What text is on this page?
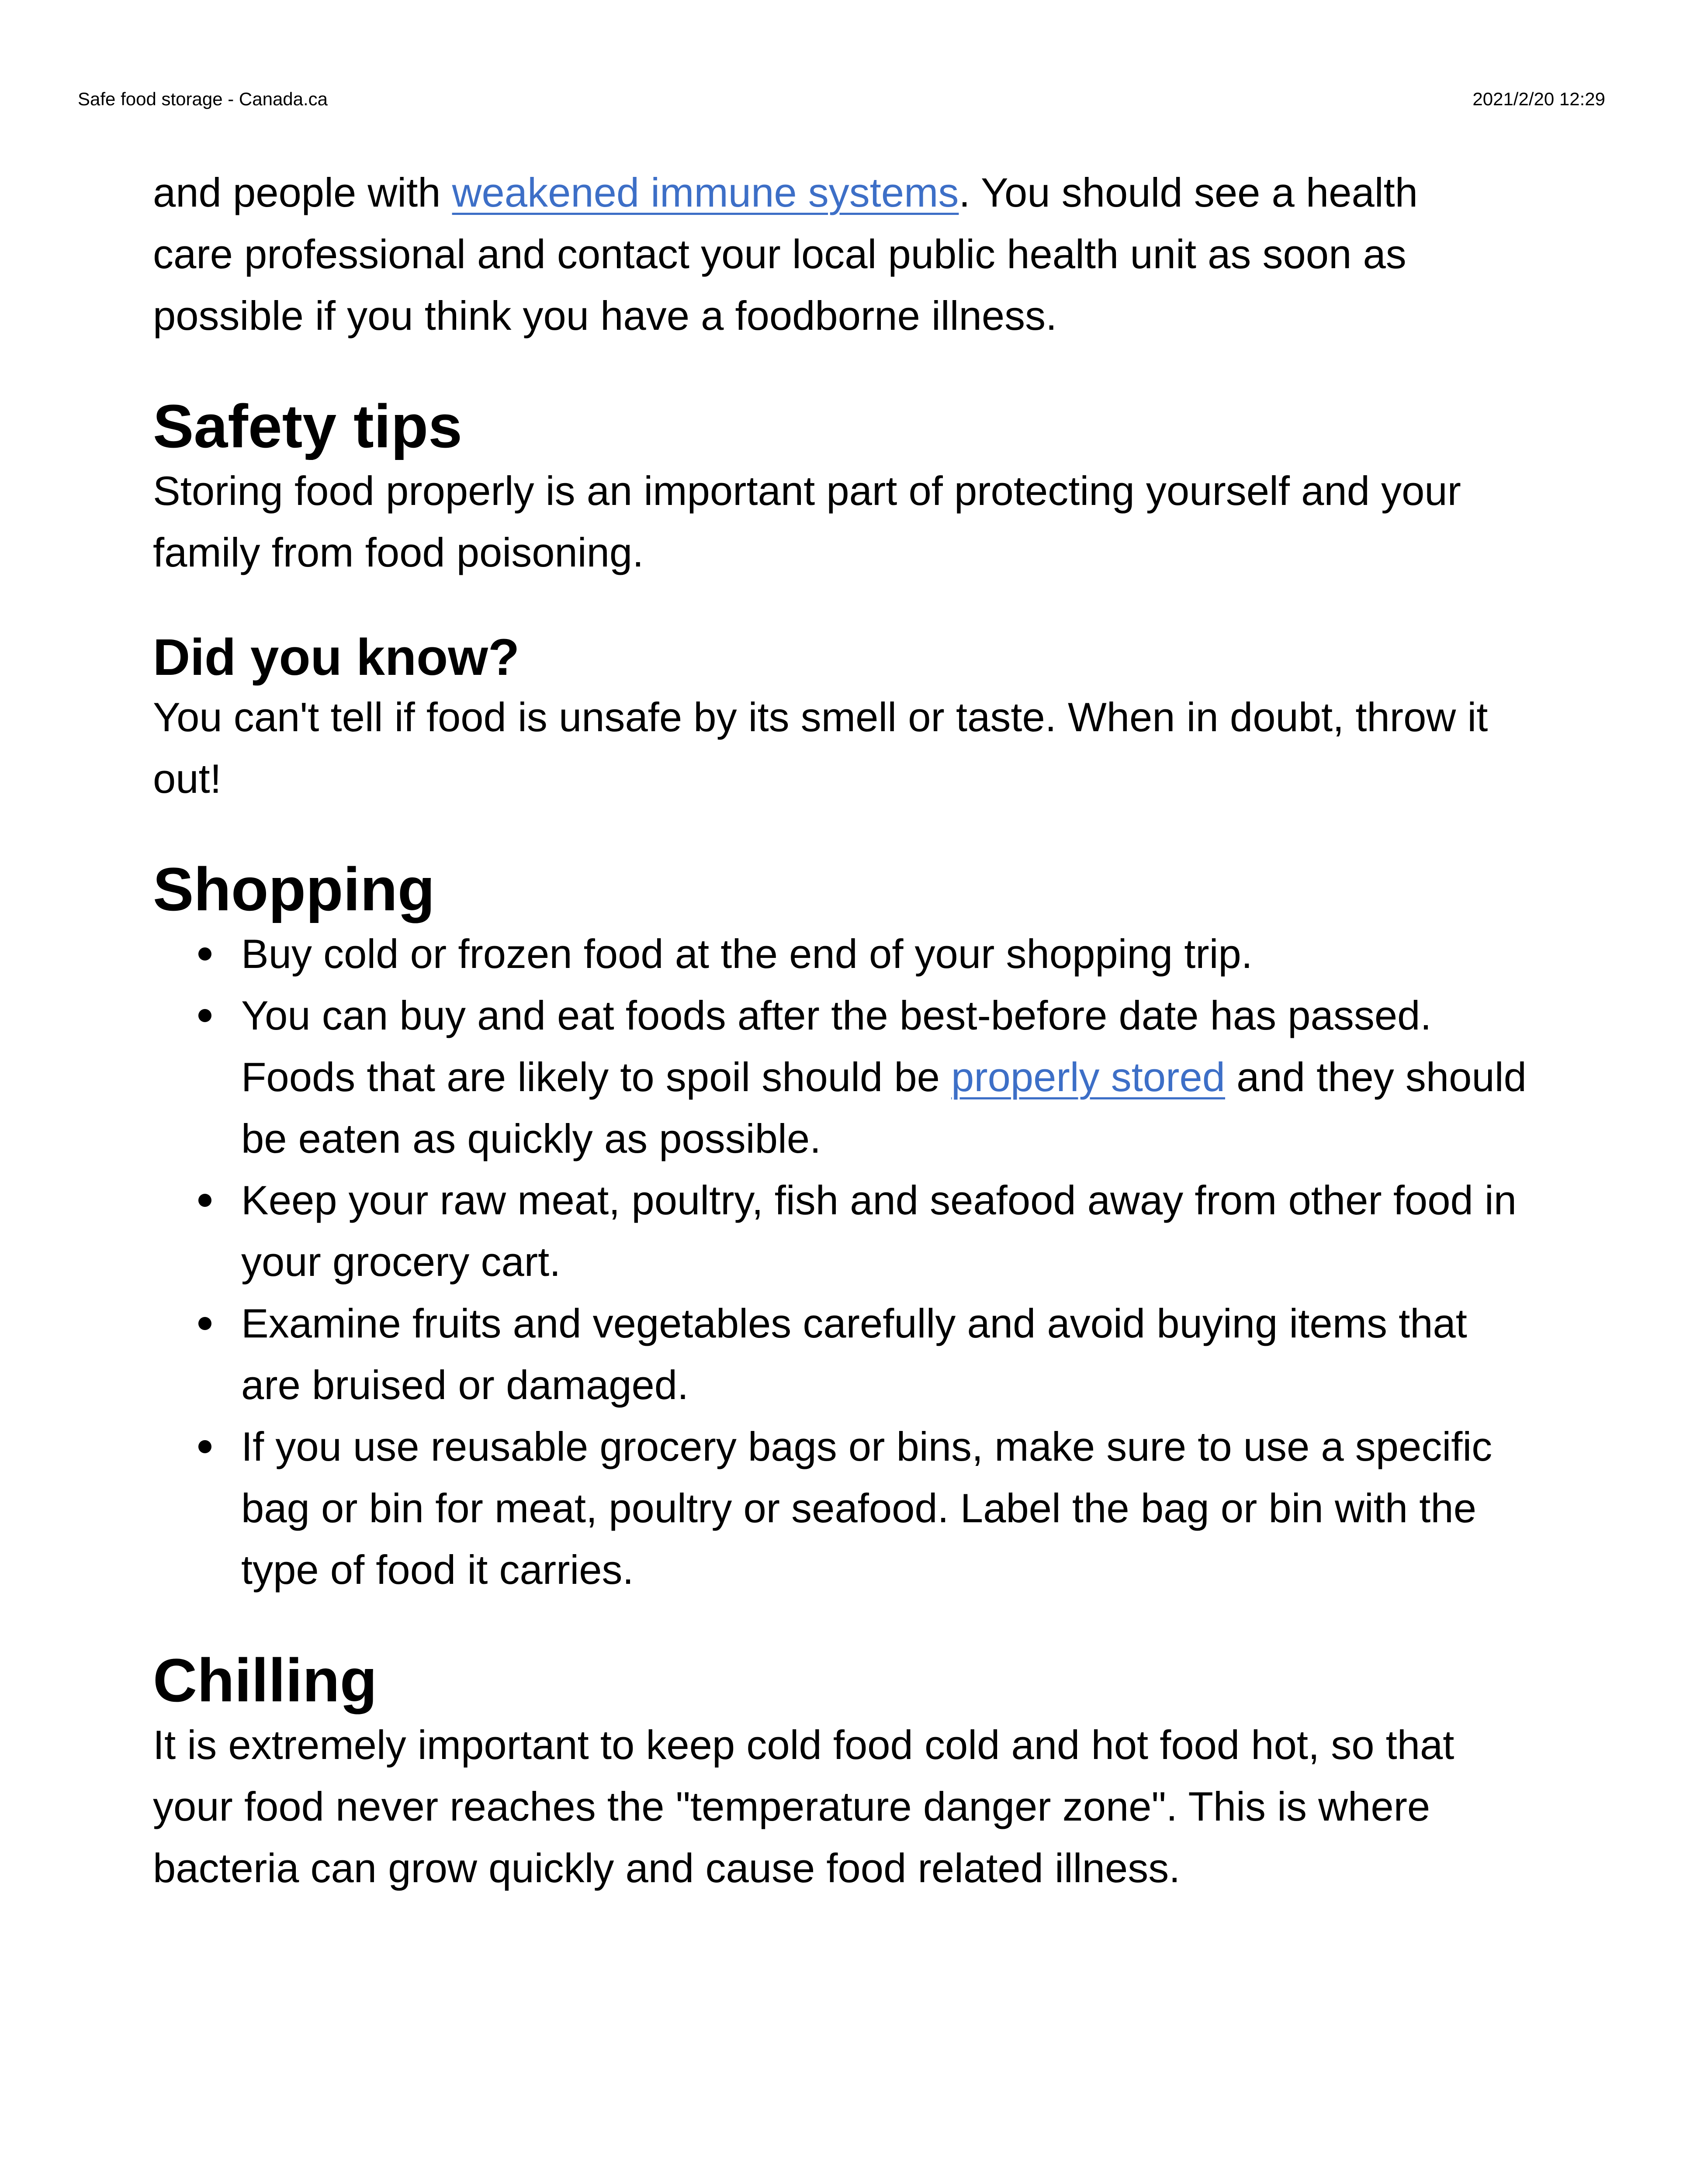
Safe food storage - Canada.ca	2021/2/20 12:29

and people with weakened immune systems. You should see a health care professional and contact your local public health unit as soon as possible if you think you have a foodborne illness.

Safety tips

Storing food properly is an important part of protecting yourself and your family from food poisoning.

Did you know?

You can't tell if food is unsafe by its smell or taste. When in doubt, throw it out!

Shopping
Buy cold or frozen food at the end of your shopping trip.
You can buy and eat foods after the best-before date has passed. Foods that are likely to spoil should be properly stored and they should be eaten as quickly as possible.
Keep your raw meat, poultry, fish and seafood away from other food in your grocery cart.
Examine fruits and vegetables carefully and avoid buying items that are bruised or damaged.
If you use reusable grocery bags or bins, make sure to use a specific bag or bin for meat, poultry or seafood. Label the bag or bin with the type of food it carries.
Chilling

It is extremely important to keep cold food cold and hot food hot, so that your food never reaches the "temperature danger zone". This is where bacteria can grow quickly and cause food related illness.
